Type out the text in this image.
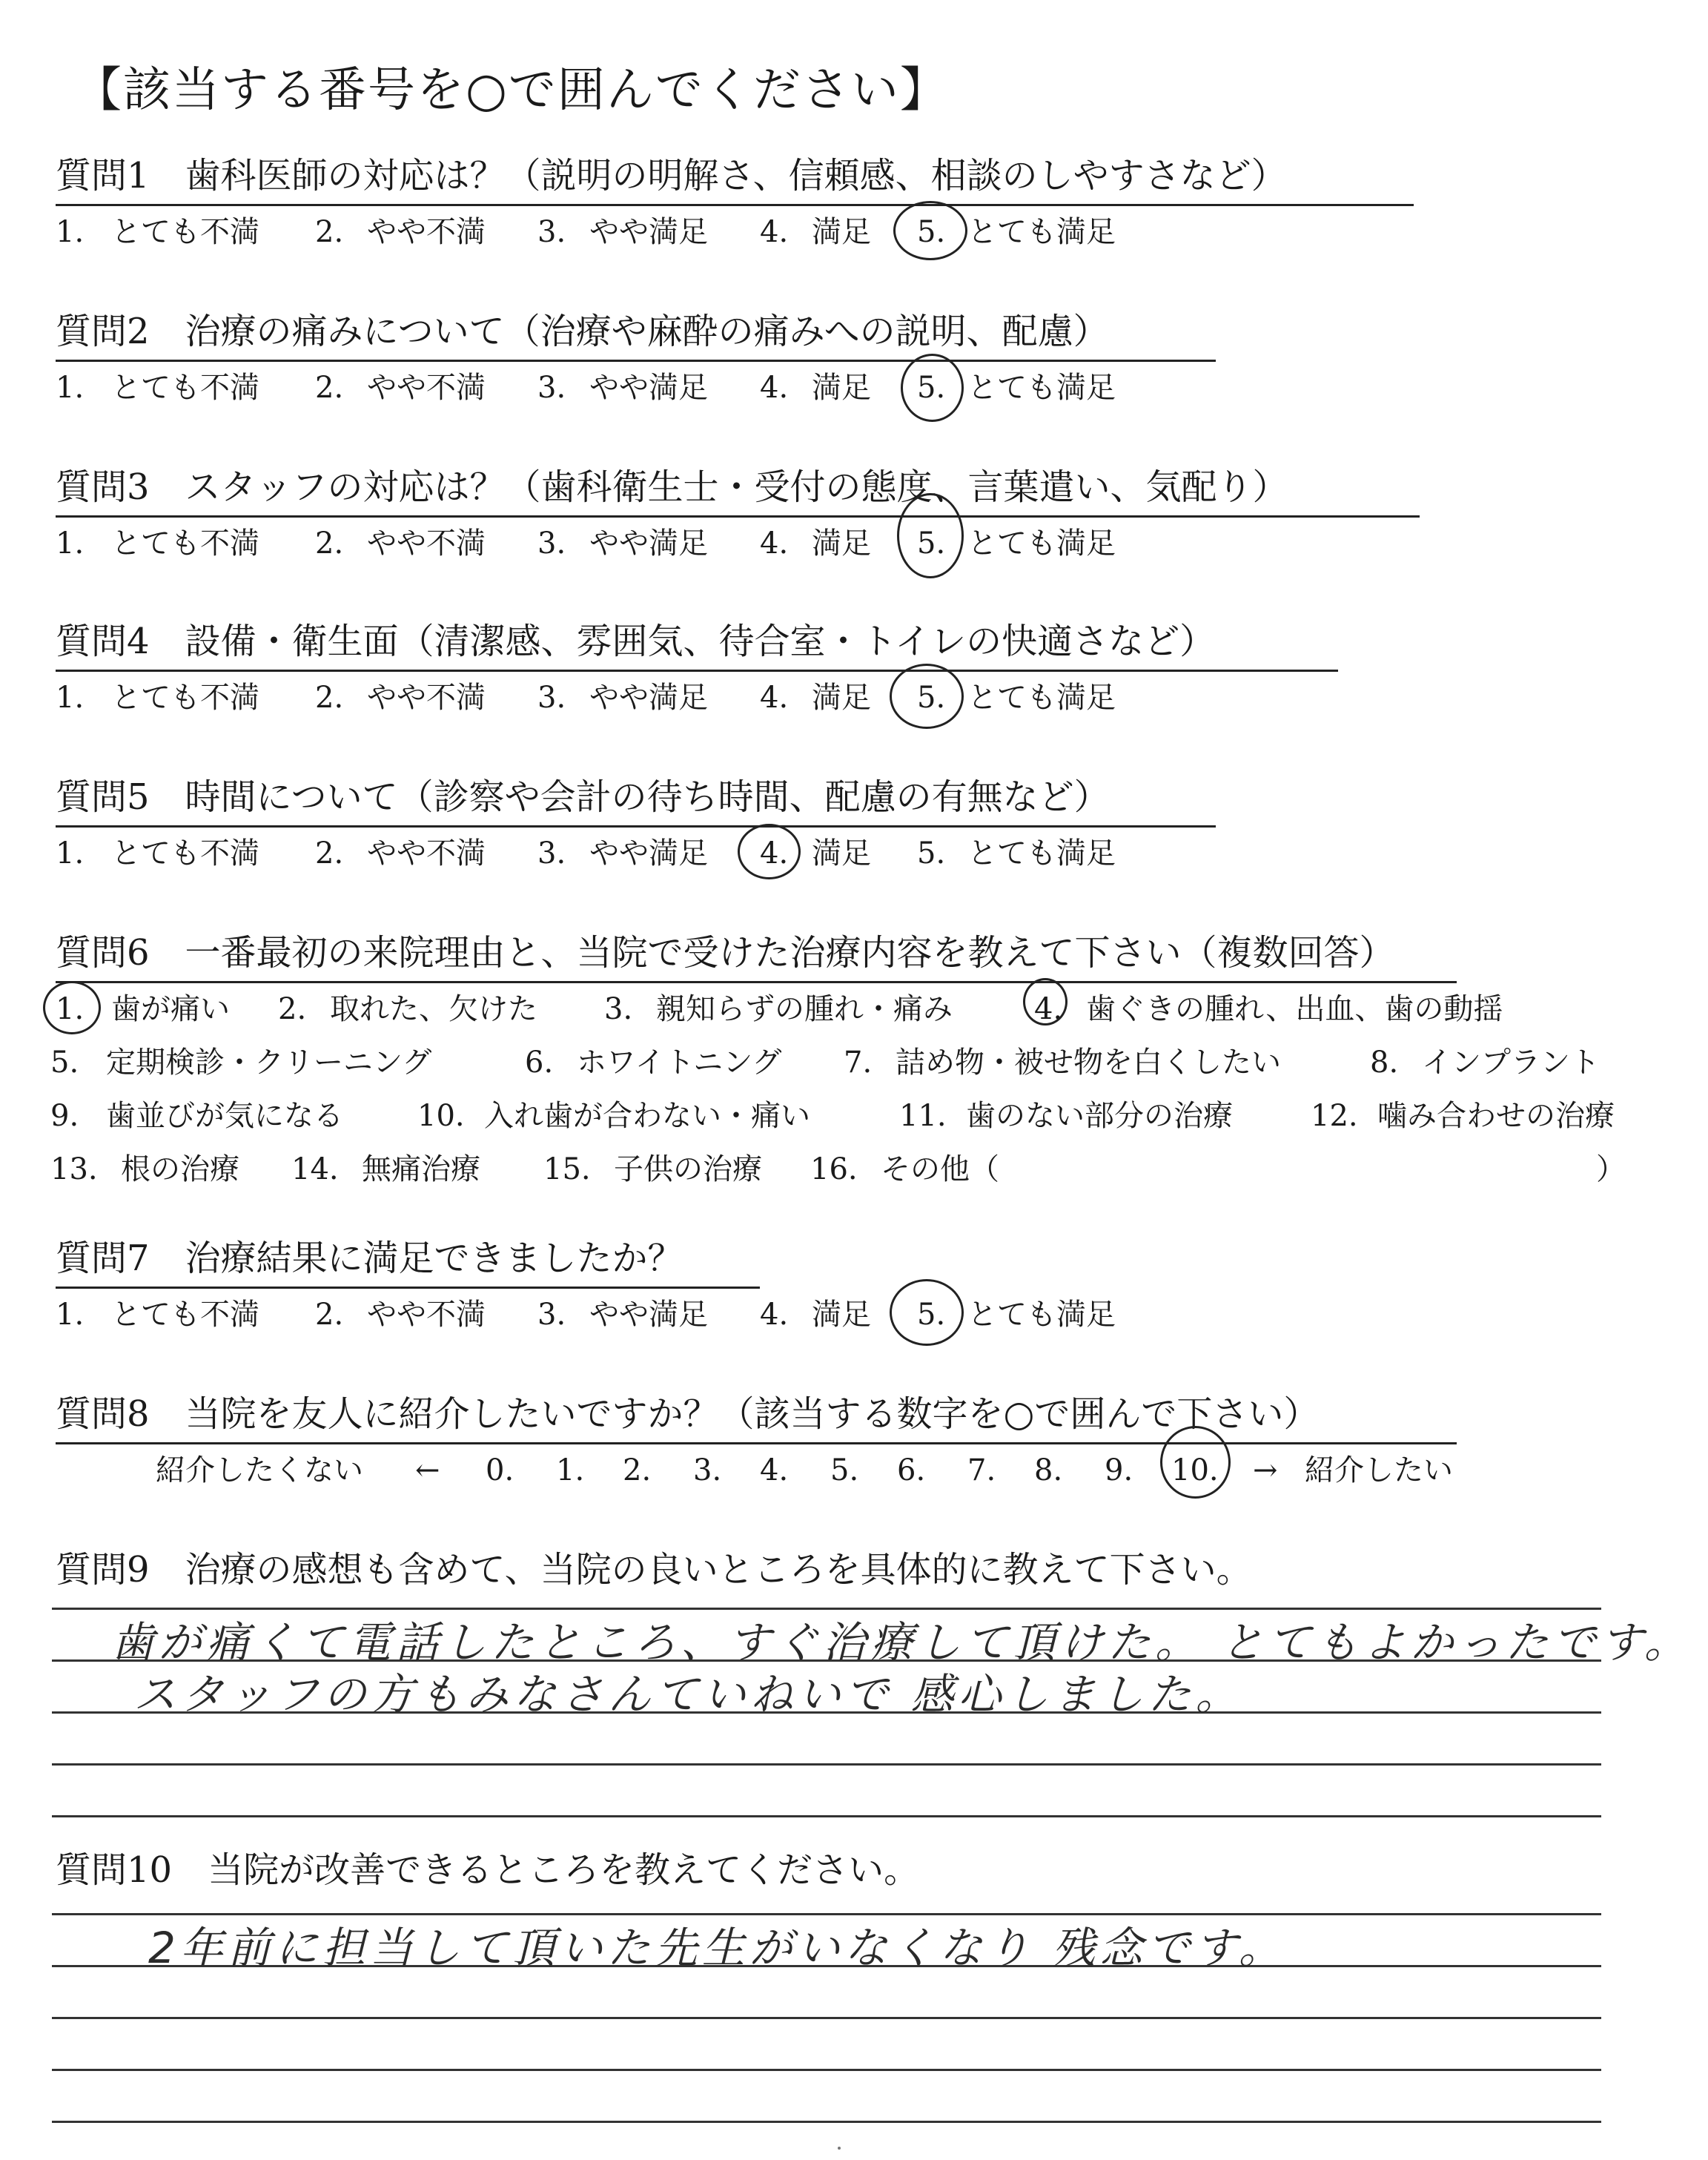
【該当する番号を○で囲んでください】
質問1　歯科医師の対応は？（説明の明解さ、信頼感、相談のしやすさなど）
1. とても不満 2. やや不満 3. やや満足 4. 満足 5. とても満足
質問2　治療の痛みについて（治療や麻酔の痛みへの説明、配慮）
1. とても不満 2. やや不満 3. やや満足 4. 満足 5. とても満足
質問3　スタッフの対応は？（歯科衛生士・受付の態度、言葉遣い、気配り）
1. とても不満 2. やや不満 3. やや満足 4. 満足 5. とても満足
質問4　設備・衛生面（清潔感、雰囲気、待合室・トイレの快適さなど）
1. とても不満 2. やや不満 3. やや満足 4. 満足 5. とても満足
質問5　時間について（診察や会計の待ち時間、配慮の有無など）
1. とても不満 2. やや不満 3. やや満足 4. 満足 5. とても満足
質問6　一番最初の来院理由と、当院で受けた治療内容を教えて下さい（複数回答）
1. 歯が痛い 2. 取れた、欠けた 3. 親知らずの腫れ・痛み	4. 歯ぐきの腫れ、出血、歯の動揺
5. 定期検診・クリーニング	6. ホワイトニング 7. 詰め物・被せ物を白くしたい	8. インプラント
9. 歯並びが気になる	10. 入れ歯が合わない・痛い	11. 歯のない部分の治療	12. 噛み合わせの治療
13. 根の治療 14. 無痛治療 15. 子供の治療 16. その他（	）
質問7　治療結果に満足できましたか？
1. とても不満 2. やや不満 3. やや満足 4. 満足 5. とても満足
質問8　当院を友人に紹介したいですか？（該当する数字を○で囲んで下さい）
紹介したくない ← 0. 1. 2. 3. 4. 5. 6. 7. 8. 9. 10. → 紹介したい
質問9　治療の感想も含めて、当院の良いところを具体的に教えて下さい。
歯が痛くて電話したところ、すぐ治療して頂けた。 とてもよかったです。
スタッフの方もみなさんていねいで 感心しました。
質問10　当院が改善できるところを教えてください。
2年前に担当して頂いた先生がいなくなり 残念です。
